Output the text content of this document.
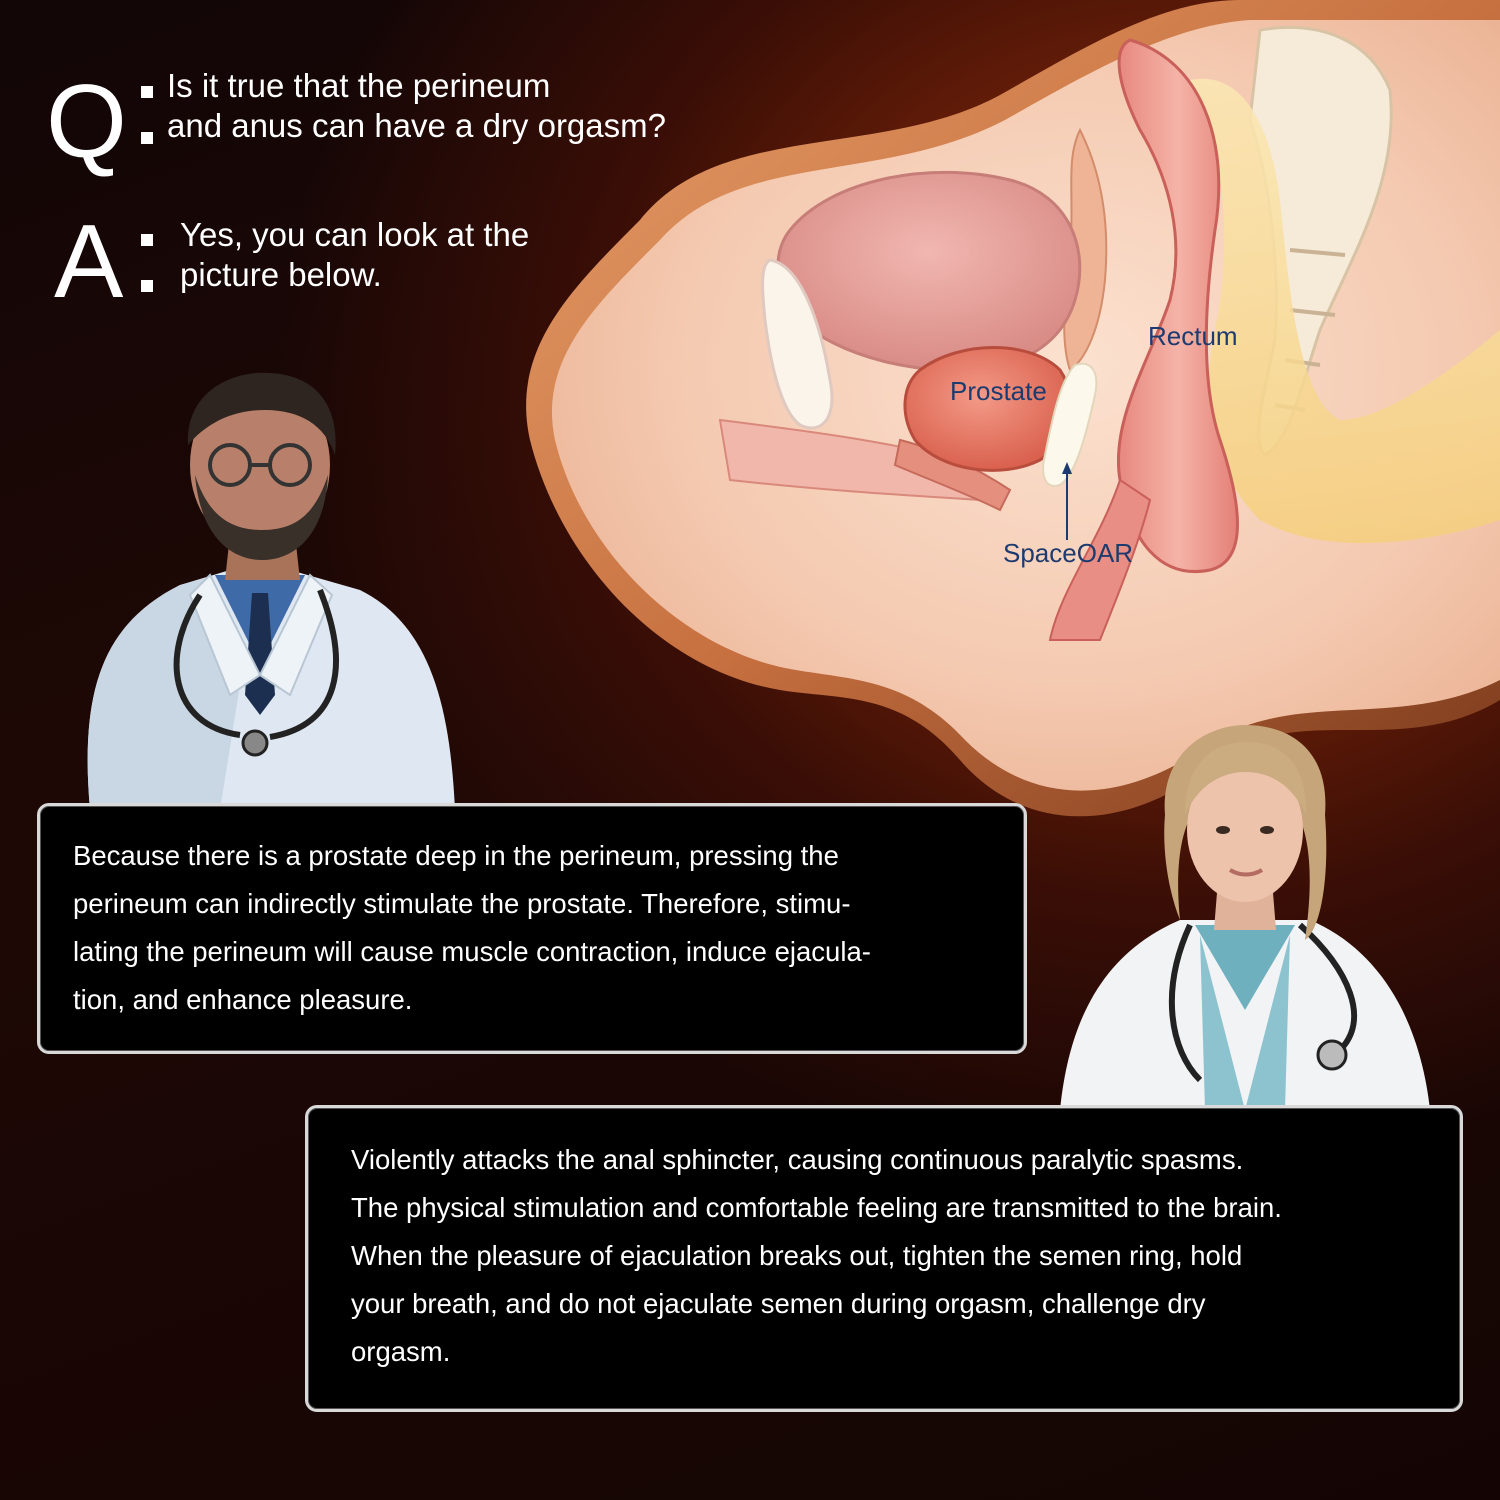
Prostate
SpaceOAR
Rectum
Q Is it true that the perineum
and anus can have a dry orgasm?
A Yes, you can look at the
picture below.
Because there is a prostate deep in the perineum, pressing the
perineum can indirectly stimulate the prostate. Therefore, stimu-
lating the perineum will cause muscle contraction, induce ejacula-
tion, and enhance pleasure.
Violently attacks the anal sphincter, causing continuous paralytic spasms.
The physical stimulation and comfortable feeling are transmitted to the brain.
When the pleasure of ejaculation breaks out, tighten the semen ring, hold
your breath, and do not ejaculate semen during orgasm, challenge dry
orgasm.
